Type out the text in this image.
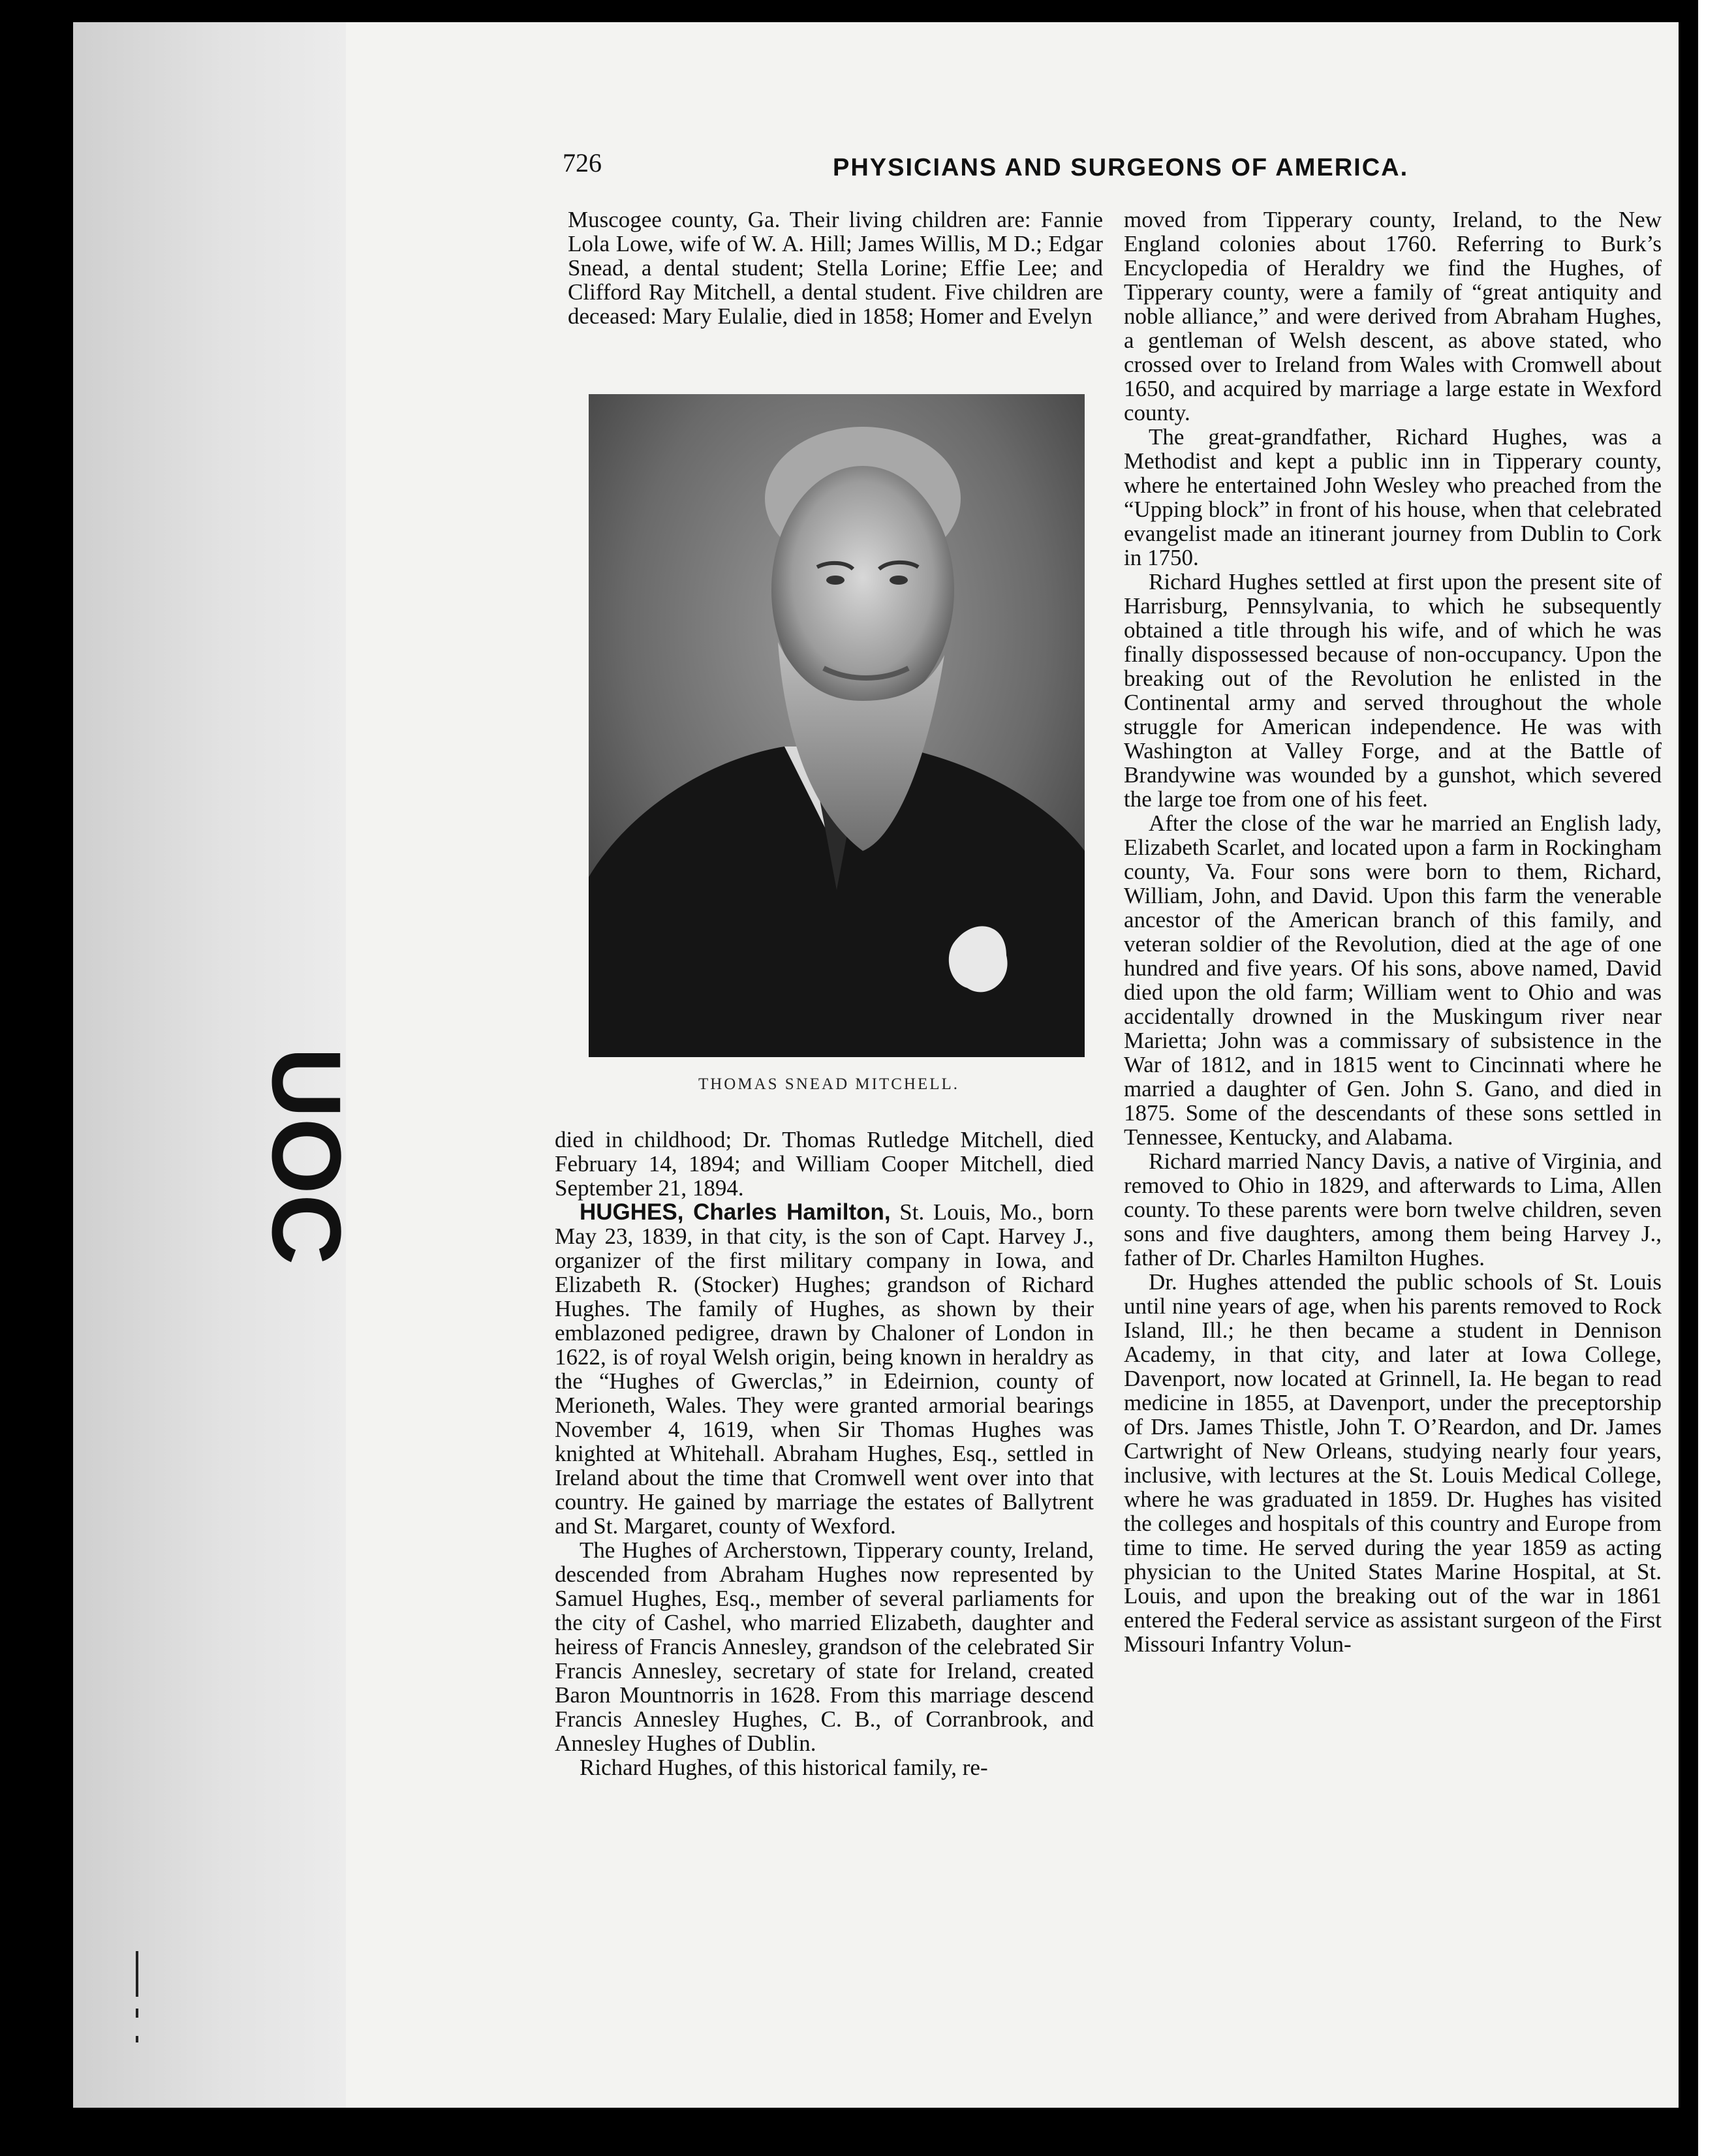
UOC
726	PHYSICIANS AND SURGEONS OF AMERICA.

Muscogee county, Ga. Their living children are: Fannie Lola Lowe, wife of W. A. Hill; James Willis, M D.; Edgar Snead, a dental student; Stella Lorine; Effie Lee; and Clifford Ray Mitchell, a dental student. Five children are deceased: Mary Eulalie, died in 1858; Homer and Evelyn

THOMAS SNEAD MITCHELL.

died in childhood; Dr. Thomas Rutledge Mitchell, died February 14, 1894; and William Cooper Mitchell, died September 21, 1894.

HUGHES, Charles Hamilton, St. Louis, Mo., born May 23, 1839, in that city, is the son of Capt. Harvey J., organizer of the first military company in Iowa, and Elizabeth R. (Stocker) Hughes; grandson of Richard Hughes. The family of Hughes, as shown by their emblazoned pedigree, drawn by Chaloner of London in 1622, is of royal Welsh origin, being known in heraldry as the “Hughes of Gwerclas,” in Edeirnion, county of Merioneth, Wales. They were granted armorial bearings November 4, 1619, when Sir Thomas Hughes was knighted at Whitehall. Abraham Hughes, Esq., settled in Ireland about the time that Cromwell went over into that country. He gained by marriage the estates of Ballytrent and St. Margaret, county of Wexford.

The Hughes of Archerstown, Tipperary county, Ireland, descended from Abraham Hughes now represented by Samuel Hughes, Esq., member of several parliaments for the city of Cashel, who married Elizabeth, daughter and heiress of Francis Annesley, grandson of the celebrated Sir Francis Annesley, secretary of state for Ireland, created Baron Mountnorris in 1628. From this marriage descend Francis Annesley Hughes, C. B., of Corranbrook, and Annesley Hughes of Dublin.

Richard Hughes, of this historical family, re-

moved from Tipperary county, Ireland, to the New England colonies about 1760. Referring to Burk’s Encyclopedia of Heraldry we find the Hughes, of Tipperary county, were a family of “great antiquity and noble alliance,” and were derived from Abraham Hughes, a gentleman of Welsh descent, as above stated, who crossed over to Ireland from Wales with Cromwell about 1650, and acquired by marriage a large estate in Wexford county.

The great-grandfather, Richard Hughes, was a Methodist and kept a public inn in Tipperary county, where he entertained John Wesley who preached from the “Upping block” in front of his house, when that celebrated evangelist made an itinerant journey from Dublin to Cork in 1750.

Richard Hughes settled at first upon the present site of Harrisburg, Pennsylvania, to which he subsequently obtained a title through his wife, and of which he was finally dispossessed because of non-occupancy. Upon the breaking out of the Revolution he enlisted in the Continental army and served throughout the whole struggle for American independence. He was with Washington at Valley Forge, and at the Battle of Brandywine was wounded by a gunshot, which severed the large toe from one of his feet.

After the close of the war he married an English lady, Elizabeth Scarlet, and located upon a farm in Rockingham county, Va. Four sons were born to them, Richard, William, John, and David. Upon this farm the venerable ancestor of the American branch of this family, and veteran soldier of the Revolution, died at the age of one hundred and five years. Of his sons, above named, David died upon the old farm; William went to Ohio and was accidentally drowned in the Muskingum river near Marietta; John was a commissary of subsistence in the War of 1812, and in 1815 went to Cincinnati where he married a daughter of Gen. John S. Gano, and died in 1875. Some of the descendants of these sons settled in Tennessee, Kentucky, and Alabama.

Richard married Nancy Davis, a native of Virginia, and removed to Ohio in 1829, and afterwards to Lima, Allen county. To these parents were born twelve children, seven sons and five daughters, among them being Harvey J., father of Dr. Charles Hamilton Hughes.

Dr. Hughes attended the public schools of St. Louis until nine years of age, when his parents removed to Rock Island, Ill.; he then became a student in Dennison Academy, in that city, and later at Iowa College, Davenport, now located at Grinnell, Ia. He began to read medicine in 1855, at Davenport, under the preceptorship of Drs. James Thistle, John T. O’Reardon, and Dr. James Cartwright of New Orleans, studying nearly four years, inclusive, with lectures at the St. Louis Medical College, where he was graduated in 1859. Dr. Hughes has visited the colleges and hospitals of this country and Europe from time to time. He served during the year 1859 as acting physician to the United States Marine Hospital, at St. Louis, and upon the breaking out of the war in 1861 entered the Federal service as assistant surgeon of the First Missouri Infantry Volun-
